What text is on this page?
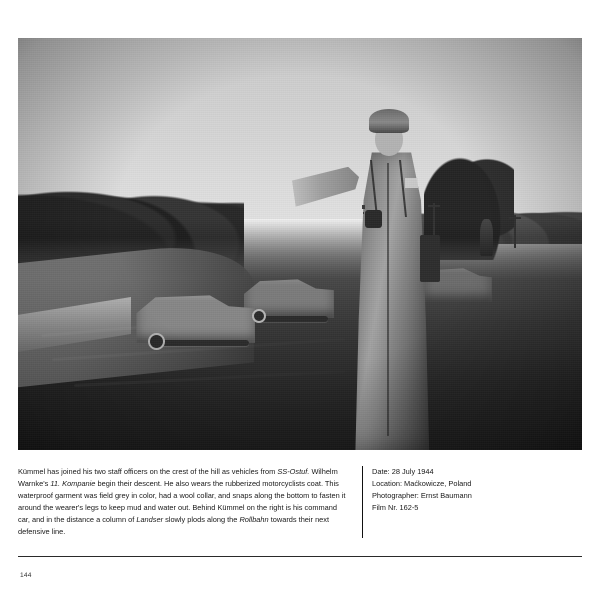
Kümmel has joined his two staff officers on the crest of the hill as vehicles from SS-Ostuf. Wilhelm Warnke's 11. Kompanie begin their descent. He also wears the rubberized motorcyclists coat. This waterproof garment was field grey in color, had a wool collar, and snaps along the bottom to fasten it around the wearer's legs to keep mud and water out. Behind Kümmel on the right is his command car, and in the distance a column of Landser slowly plods along the Rollbahn towards their next defensive line.
Date: 28 July 1944
Location: Maćkowicze, Poland
Photographer: Ernst Baumann
Film Nr. 162-5
144
